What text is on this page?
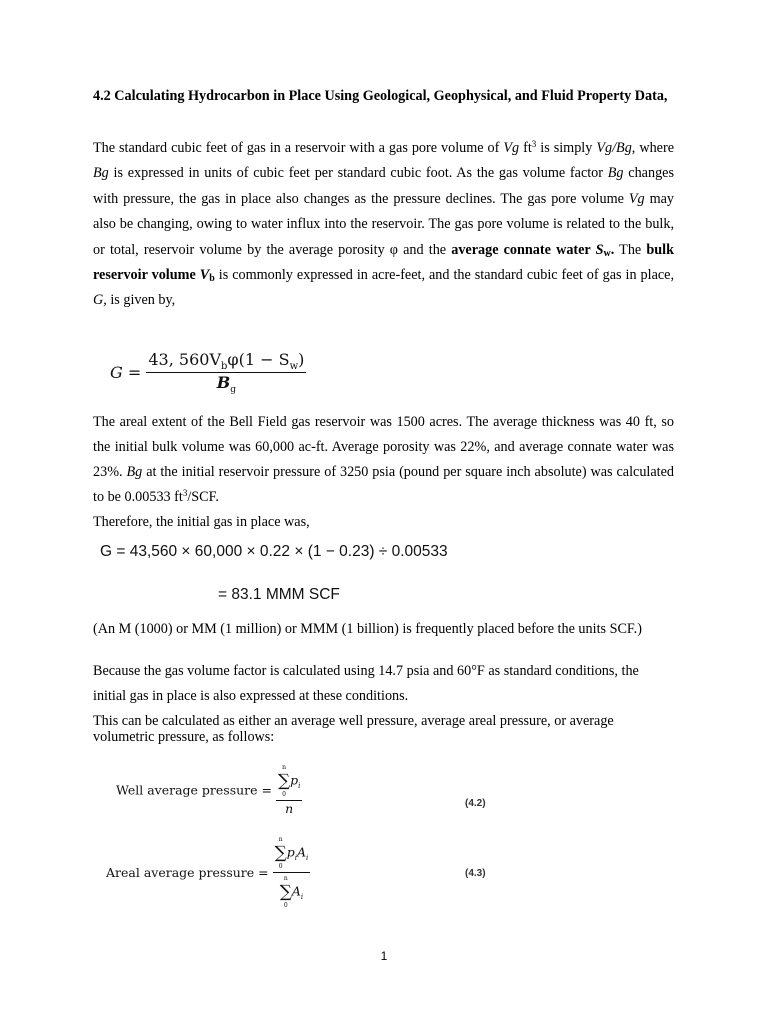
4.2 Calculating Hydrocarbon in Place Using Geological, Geophysical, and Fluid Property Data,

The standard cubic feet of gas in a reservoir with a gas pore volume of Vg $ft^3$ is simply Vg/Bg, where Bg is expressed in units of cubic feet per standard cubic foot. As the gas volume factor Bg changes with pressure, the gas in place also changes as the pressure declines. The gas pore volume Vg may also be changing, owing to water influx into the reservoir. The gas pore volume is related to the bulk, or total, reservoir volume by the average porosity φ and the average connate water $S_w$. The bulk reservoir volume $V_b$ is commonly expressed in acre-feet, and the standard cubic feet of gas in place, G, is given by,

$G = \frac{43, 560V_b\varphi(1 - S_w)}{B_g}$

The areal extent of the Bell Field gas reservoir was 1500 acres. The average thickness was 40 ft, so the initial bulk volume was 60,000 ac-ft. Average porosity was 22%, and average connate water was 23%. Bg at the initial reservoir pressure of 3250 psia (pound per square inch absolute) was calculated to be 0.00533 $ft^3$/SCF.

Therefore, the initial gas in place was,

G = 43,560 × 60,000 × 0.22 × (1 − 0.23) ÷ 0.00533
= 83.1 MMM SCF

(An M (1000) or MM (1 million) or MMM (1 billion) is frequently placed before the units SCF.)

Because the gas volume factor is calculated using 14.7 psia and 60°F as standard conditions, the initial gas in place is also expressed at these conditions.

This can be calculated as either an average well pressure, average areal pressure, or average volumetric pressure, as follows:

Well average pressure = n
∑
0
$p_i$
n	(4.2)
Areal average pressure = n
∑
0
$p_iA_i$
n
∑
0
$A_i$	(4.3)
1
